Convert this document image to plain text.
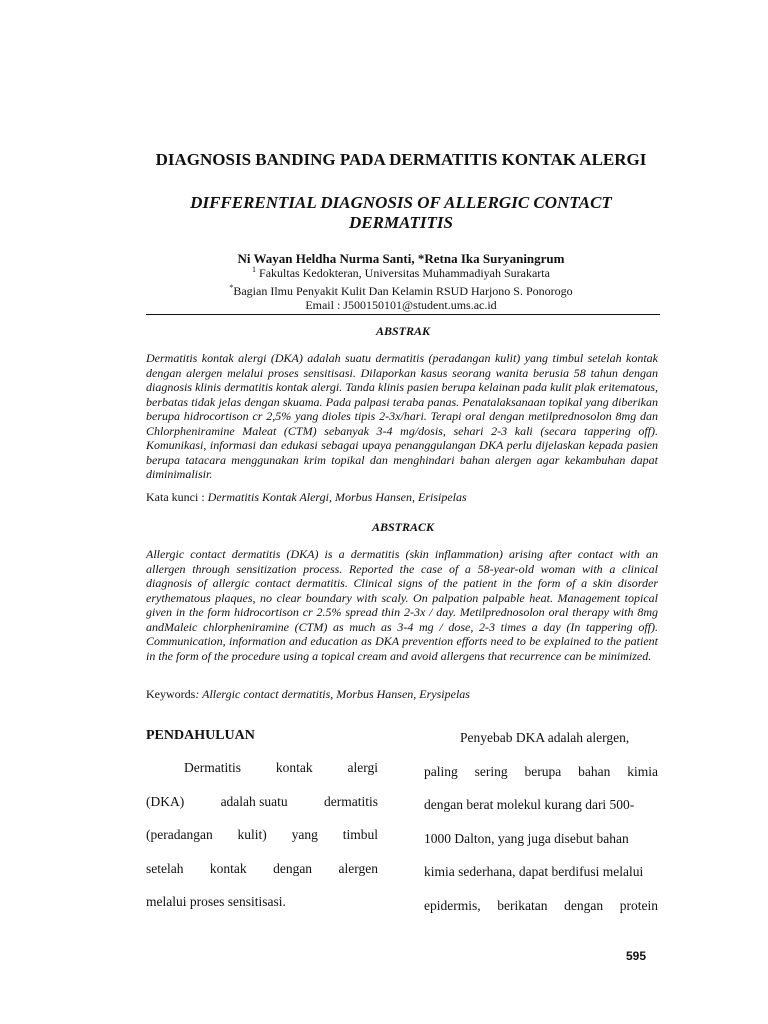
DIAGNOSIS BANDING PADA DERMATITIS KONTAK ALERGI
DIFFERENTIAL DIAGNOSIS OF ALLERGIC CONTACT DERMATITIS
Ni Wayan Heldha Nurma Santi, *Retna Ika Suryaningrum
$^1$ Fakultas Kedokteran, Universitas Muhammadiyah Surakarta
*Bagian Ilmu Penyakit Kulit Dan Kelamin RSUD Harjono S. Ponorogo
Email : J500150101@student.ums.ac.id
ABSTRAK

Dermatitis kontak alergi (DKA) adalah suatu dermatitis (peradangan kulit) yang timbul setelah kontak dengan alergen melalui proses sensitisasi. Dilaporkan kasus seorang wanita berusia 58 tahun dengan diagnosis klinis dermatitis kontak alergi. Tanda klinis pasien berupa kelainan pada kulit plak eritematous, berbatas tidak jelas dengan skuama. Pada palpasi teraba panas. Penatalaksanaan topikal yang diberikan berupa hidrocortison cr 2,5% yang dioles tipis 2-3x/hari. Terapi oral dengan metilprednosolon 8mg dan Chlorpheniramine Maleat (CTM) sebanyak 3-4 mg/dosis, sehari 2-3 kali (secara tappering off). Komunikasi, informasi dan edukasi sebagai upaya penanggulangan DKA perlu dijelaskan kepada pasien berupa tatacara menggunakan krim topikal dan menghindari bahan alergen agar kekambuhan dapat diminimalisir.

Kata kunci : Dermatitis Kontak Alergi, Morbus Hansen, Erisipelas
ABSTRACK

Allergic contact dermatitis (DKA) is a dermatitis (skin inflammation) arising after contact with an allergen through sensitization process. Reported the case of a 58-year-old woman with a clinical diagnosis of allergic contact dermatitis. Clinical signs of the patient in the form of a skin disorder erythematous plaques, no clear boundary with scaly. On palpation palpable heat. Management topical given in the form hidrocortison cr 2.5% spread thin 2-3x / day. Metilprednosolon oral therapy with 8mg andMaleic chlorpheniramine (CTM) as much as 3-4 mg / dose, 2-3 times a day (In tappering off). Communication, information and education as DKA prevention efforts need to be explained to the patient in the form of the procedure using a topical cream and avoid allergens that recurrence can be minimized.

Keywords: Allergic contact dermatitis, Morbus Hansen, Erysipelas
PENDAHULUAN
Dermatitis	kontak	alergi
(DKA)	adalah suatu	dermatitis
(peradangan kulit) yang timbul
setelah kontak dengan alergen
melalui proses sensitisasi.
Penyebab DKA adalah alergen,
paling sering berupa bahan kimia
dengan berat molekul kurang dari 500-
1000 Dalton, yang juga disebut bahan
kimia sederhana, dapat berdifusi melalui
epidermis, berikatan dengan protein
595
